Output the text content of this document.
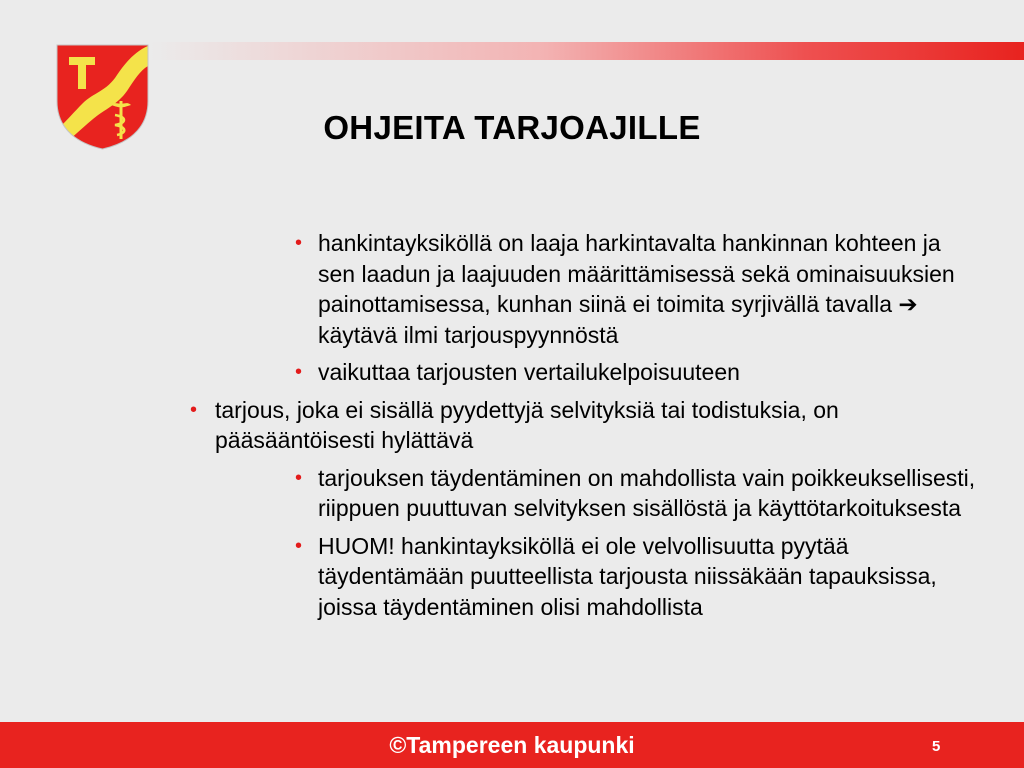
OHJEITA TARJOAJILLE

• hankintayksiköllä on laaja harkintavalta hankinnan kohteen ja sen laadun ja laajuuden määrittämisessä sekä ominaisuuksien painottamisessa, kunhan siinä ei toimita syrjivällä tavalla ➔ käytävä ilmi tarjouspyynnöstä

• vaikuttaa tarjousten vertailukelpoisuuteen

• tarjous, joka ei sisällä pyydettyjä selvityksiä tai todistuksia, on pääsääntöisesti hylättävä

• tarjouksen täydentäminen on mahdollista vain poikkeuksellisesti, riippuen puuttuvan selvityksen sisällöstä ja käyttötarkoituksesta

• HUOM! hankintayksiköllä ei ole velvollisuutta pyytää täydentämään puutteellista tarjousta niissäkään tapauksissa, joissa täydentäminen olisi mahdollista

©Tampereen kaupunki	5
